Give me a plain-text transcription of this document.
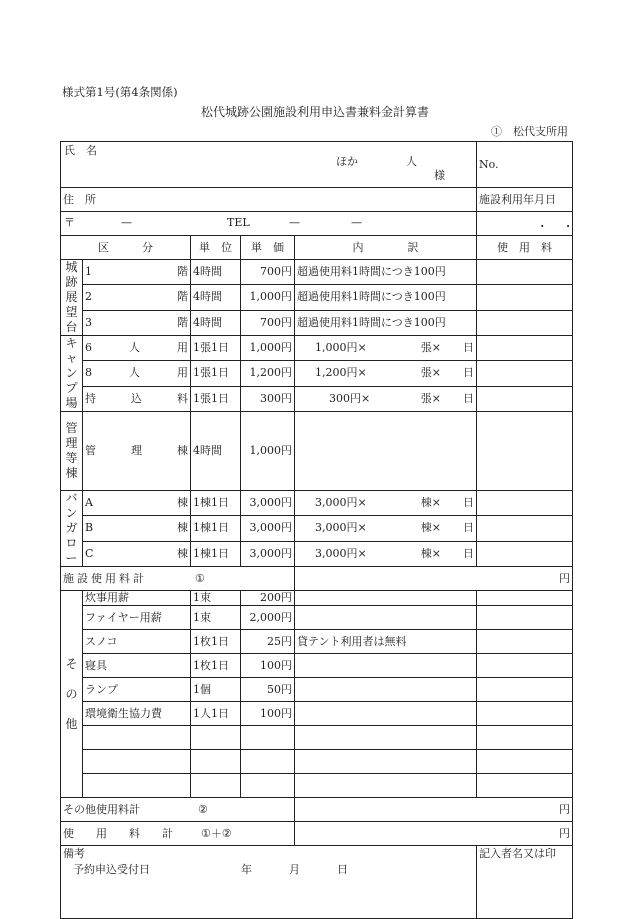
様式第1号(第4条関係)
松代城跡公園施設利用申込書兼料金計算書
①　松代支所用
氏　名
ほか 人
様					No.
住　所					施設利用年月日

〒 — TEL — —					.　　.
区　　　分		単　位	単　価	内　　　　訳	使　用　料
城跡展望台	1 階	4時間	700円	超過使用料1時間につき100円	

	2 階	4時間	1,000円	超過使用料1時間につき100円	

	3 階	4時間	700円	超過使用料1時間につき100円	
キャンプ場	6 人 用	1張1日	1,000円	1,000円× 張× 日	

	8 人 用	1張1日	1,200円	1,200円× 張× 日	

	持 込 料	1張1日	300円	300円× 張× 日	

管理等棟	管 理 棟	4時間	1,000円		
バンガロー	A 棟	1棟1日	3,000円	3,000円× 棟× 日	

	B 棟	1棟1日	3,000円	3,000円× 棟× 日	

	C 棟	1棟1日	3,000円	3,000円× 棟× 日	

施設使用料計 ①				円	
その他	炊事用薪	1束	200円		
	ファイヤー用薪	1束	2,000円		
	スノコ	1枚1日	25円	貸テント利用者は無料	
	寝具	1枚1日	100円		
	ランプ	1個	50円		
	環境衛生協力費	1人1日	100円		

その他使用料計 ②				円	
使　　用　　料　　計 ①＋②				円	

備考
予約申込受付日 年 月 日					記入者名又は印
